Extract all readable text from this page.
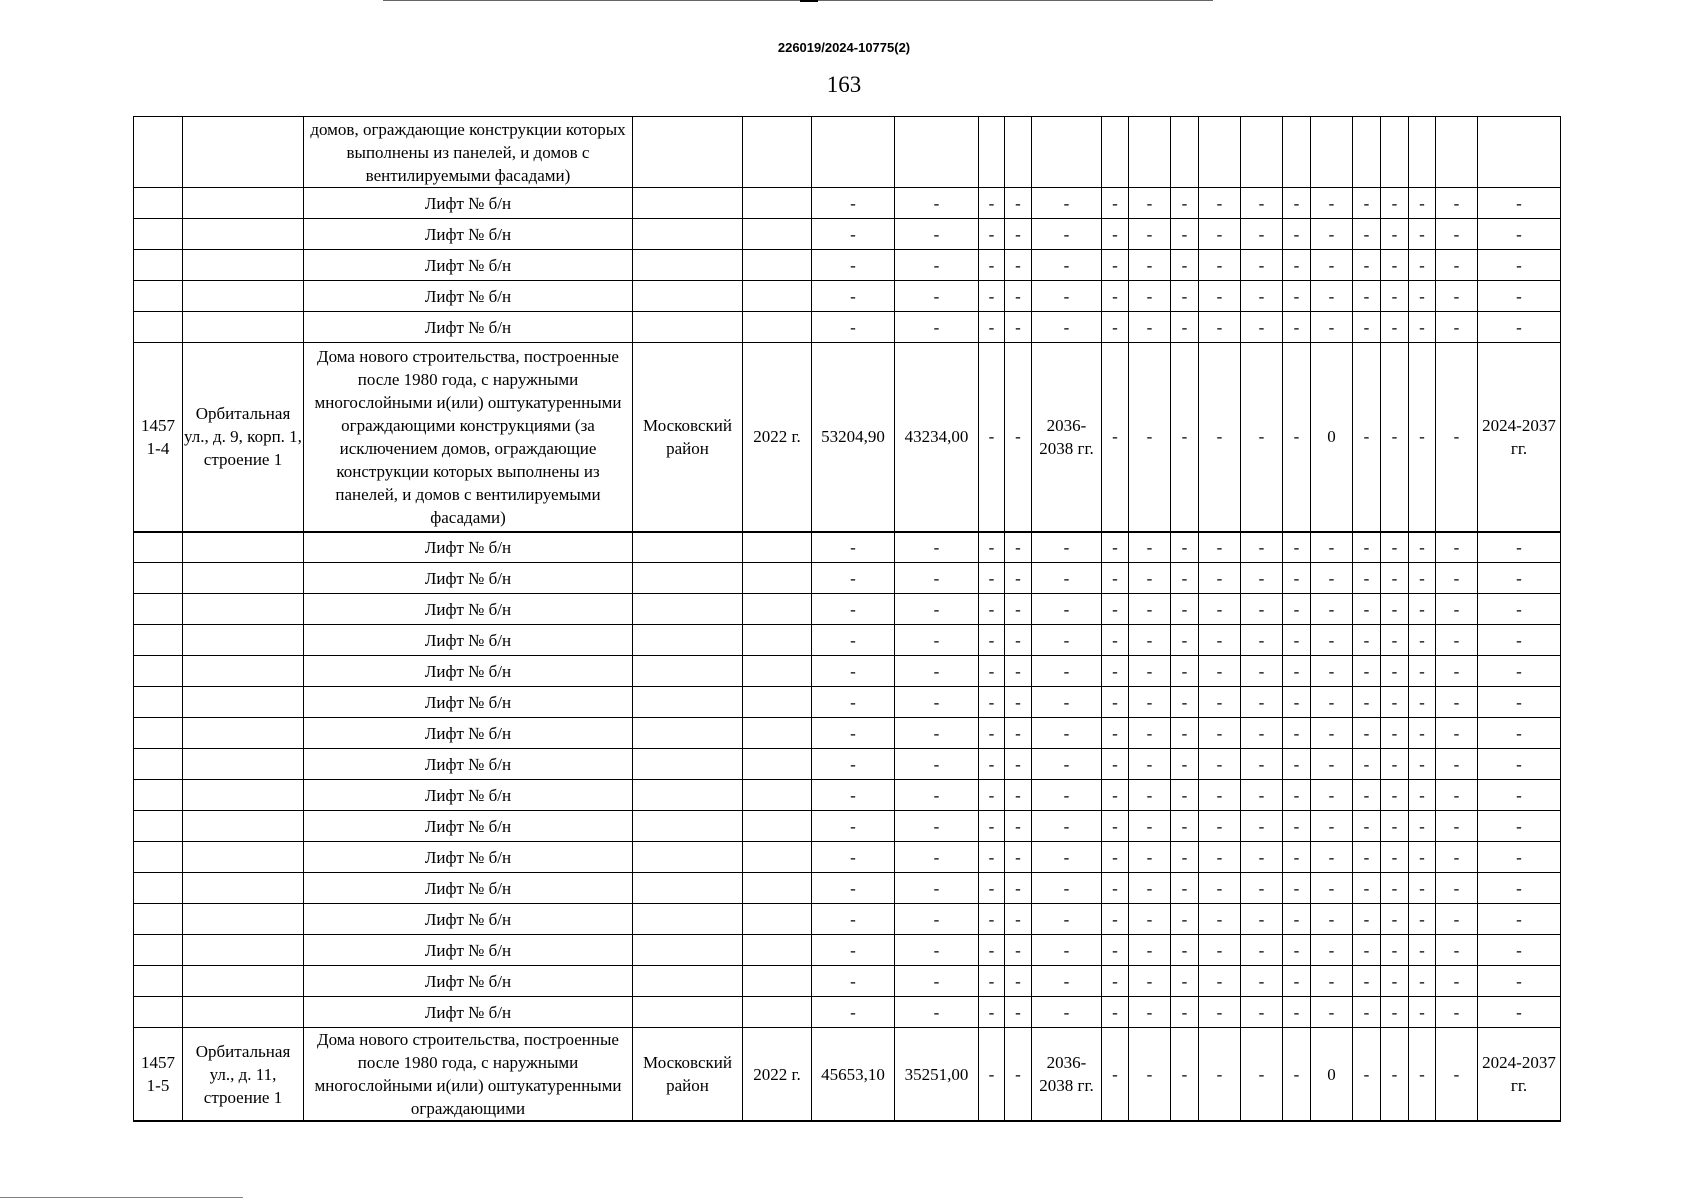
226019/2024-10775(2)
163
		домов, ограждающие конструкции которых выполнены из панелей, и домов с вентилируемыми фасадами)																			
		Лифт № б/н			-	-	-	-	-	-	-	-	-	-	-	-	-	-	-	-	-
		Лифт № б/н			-	-	-	-	-	-	-	-	-	-	-	-	-	-	-	-	-
		Лифт № б/н			-	-	-	-	-	-	-	-	-	-	-	-	-	-	-	-	-
		Лифт № б/н			-	-	-	-	-	-	-	-	-	-	-	-	-	-	-	-	-
		Лифт № б/н			-	-	-	-	-	-	-	-	-	-	-	-	-	-	-	-	-
1457 1-4	Орбитальная ул., д. 9, корп. 1, строение 1	Дома нового строительства, построенные после 1980 года, с наружными многослойными и(или) оштукатуренными ограждающими конструкциями (за исключением домов, ограждающие конструкции которых выполнены из панелей, и домов с вентилируемыми фасадами)	Московский район	2022 г.	53204,90	43234,00	-	-	2036-2038 гг.	-	-	-	-	-	-	0	-	-	-	-	2024-2037 гг.
		Лифт № б/н			-	-	-	-	-	-	-	-	-	-	-	-	-	-	-	-	-
		Лифт № б/н			-	-	-	-	-	-	-	-	-	-	-	-	-	-	-	-	-
		Лифт № б/н			-	-	-	-	-	-	-	-	-	-	-	-	-	-	-	-	-
		Лифт № б/н			-	-	-	-	-	-	-	-	-	-	-	-	-	-	-	-	-
		Лифт № б/н			-	-	-	-	-	-	-	-	-	-	-	-	-	-	-	-	-
		Лифт № б/н			-	-	-	-	-	-	-	-	-	-	-	-	-	-	-	-	-
		Лифт № б/н			-	-	-	-	-	-	-	-	-	-	-	-	-	-	-	-	-
		Лифт № б/н			-	-	-	-	-	-	-	-	-	-	-	-	-	-	-	-	-
		Лифт № б/н			-	-	-	-	-	-	-	-	-	-	-	-	-	-	-	-	-
		Лифт № б/н			-	-	-	-	-	-	-	-	-	-	-	-	-	-	-	-	-
		Лифт № б/н			-	-	-	-	-	-	-	-	-	-	-	-	-	-	-	-	-
		Лифт № б/н			-	-	-	-	-	-	-	-	-	-	-	-	-	-	-	-	-
		Лифт № б/н			-	-	-	-	-	-	-	-	-	-	-	-	-	-	-	-	-
		Лифт № б/н			-	-	-	-	-	-	-	-	-	-	-	-	-	-	-	-	-
		Лифт № б/н			-	-	-	-	-	-	-	-	-	-	-	-	-	-	-	-	-
		Лифт № б/н			-	-	-	-	-	-	-	-	-	-	-	-	-	-	-	-	-
1457 1-5	Орбитальная ул., д. 11, строение 1	Дома нового строительства, построенные после 1980 года, с наружными многослойными и(или) оштукатуренными ограждающими	Московский район	2022 г.	45653,10	35251,00	-	-	2036-2038 гг.	-	-	-	-	-	-	0	-	-	-	-	2024-2037 гг.
